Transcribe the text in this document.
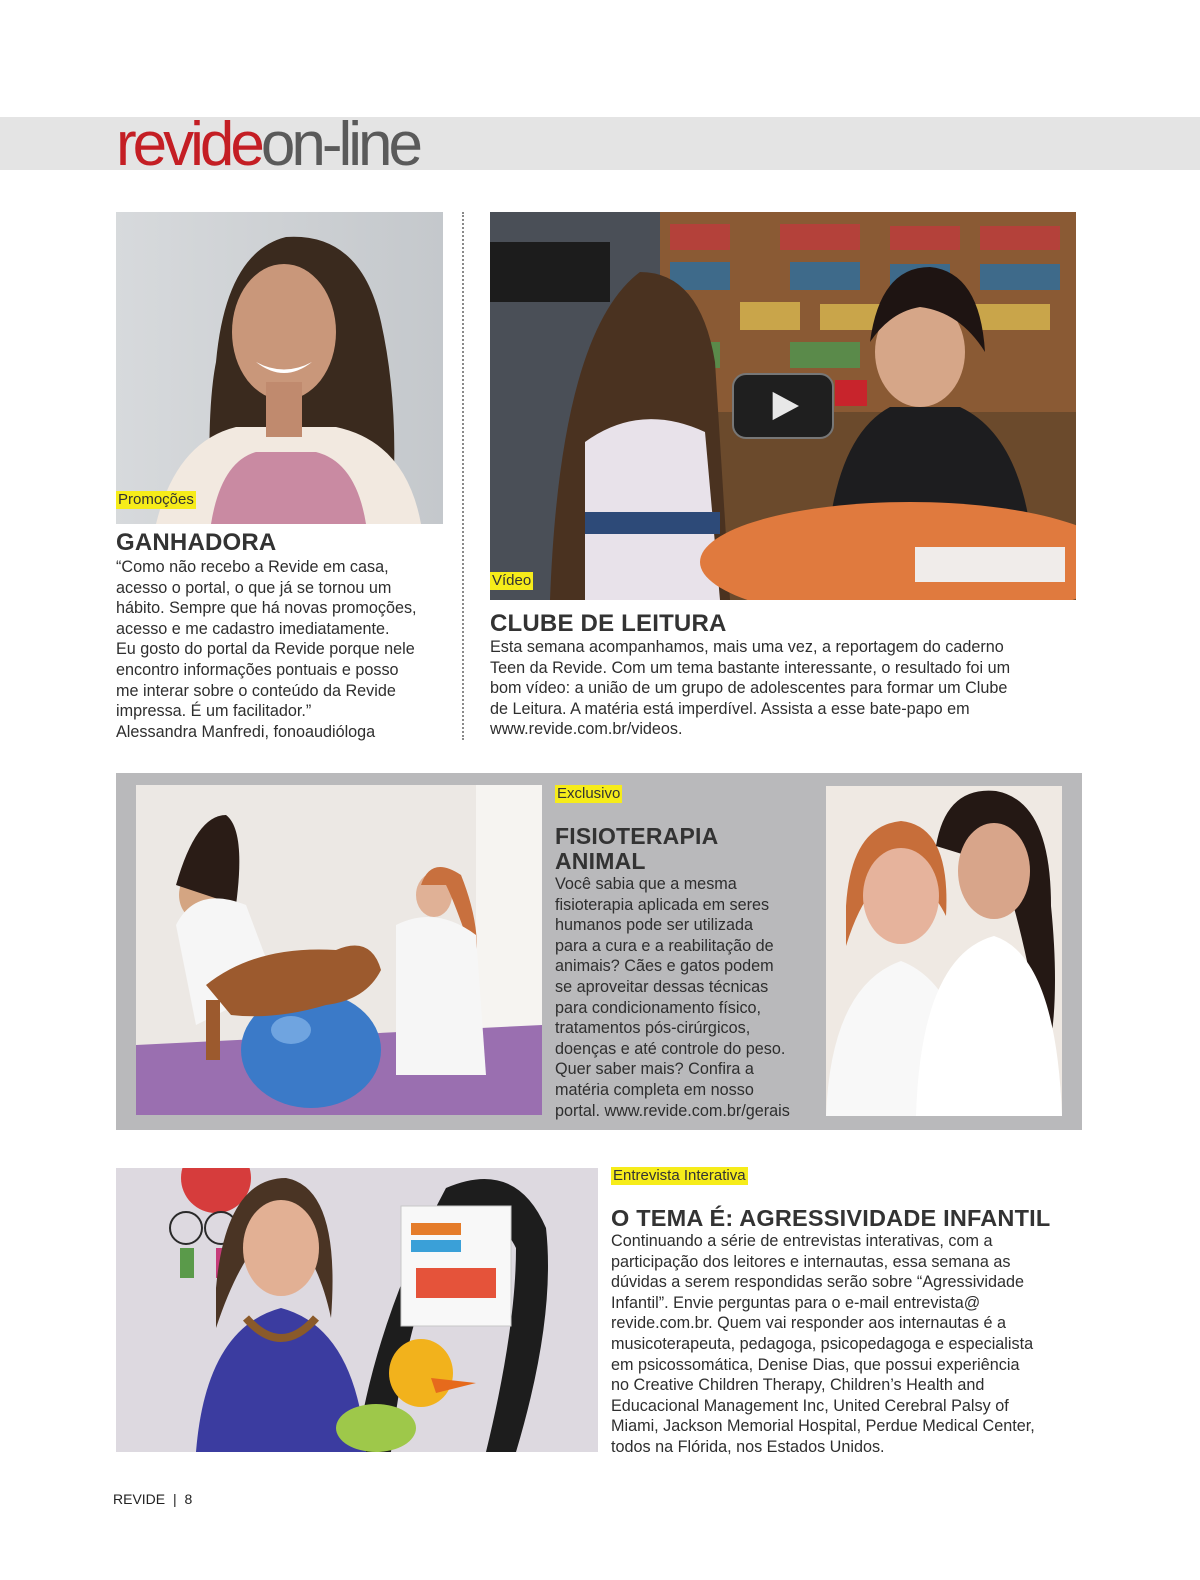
revideon-line
Promoções
GANHADORA

“Como não recebo a Revide em casa,

acesso o portal, o que já se tornou um

hábito. Sempre que há novas promoções,

acesso e me cadastro imediatamente.

Eu gosto do portal da Revide porque nele

encontro informações pontuais e posso

me interar sobre o conteúdo da Revide

impressa. É um facilitador.”

Alessandra Manfredi, fonoaudióloga

Vídeo
CLUBE DE LEITURA

Esta semana acompanhamos, mais uma vez, a reportagem do caderno

Teen da Revide. Com um tema bastante interessante, o resultado foi um

bom vídeo: a união de um grupo de adolescentes para formar um Clube

de Leitura. A matéria está imperdível. Assista a esse bate-papo em

www.revide.com.br/videos.

Exclusivo
FISIOTERAPIA
ANIMAL

Você sabia que a mesma

fisioterapia aplicada em seres

humanos pode ser utilizada

para a cura e a reabilitação de

animais? Cães e gatos podem

se aproveitar dessas técnicas

para condicionamento físico,

tratamentos pós-cirúrgicos,

doenças e até controle do peso.

Quer saber mais? Confira a

matéria completa em nosso

portal. www.revide.com.br/gerais

Entrevista Interativa
O TEMA É: AGRESSIVIDADE INFANTIL

Continuando a série de entrevistas interativas, com a

participação dos leitores e internautas, essa semana as

dúvidas a serem respondidas serão sobre “Agressividade

Infantil”. Envie perguntas para o e-mail entrevista@

revide.com.br. Quem vai responder aos internautas é a

musicoterapeuta, pedagoga, psicopedagoga e especialista

em psicossomática, Denise Dias, que possui experiência

no Creative Children Therapy, Children’s Health and

Educacional Management Inc, United Cerebral Palsy of

Miami, Jackson Memorial Hospital, Perdue Medical Center,

todos na Flórida, nos Estados Unidos.

REVIDE | 8
